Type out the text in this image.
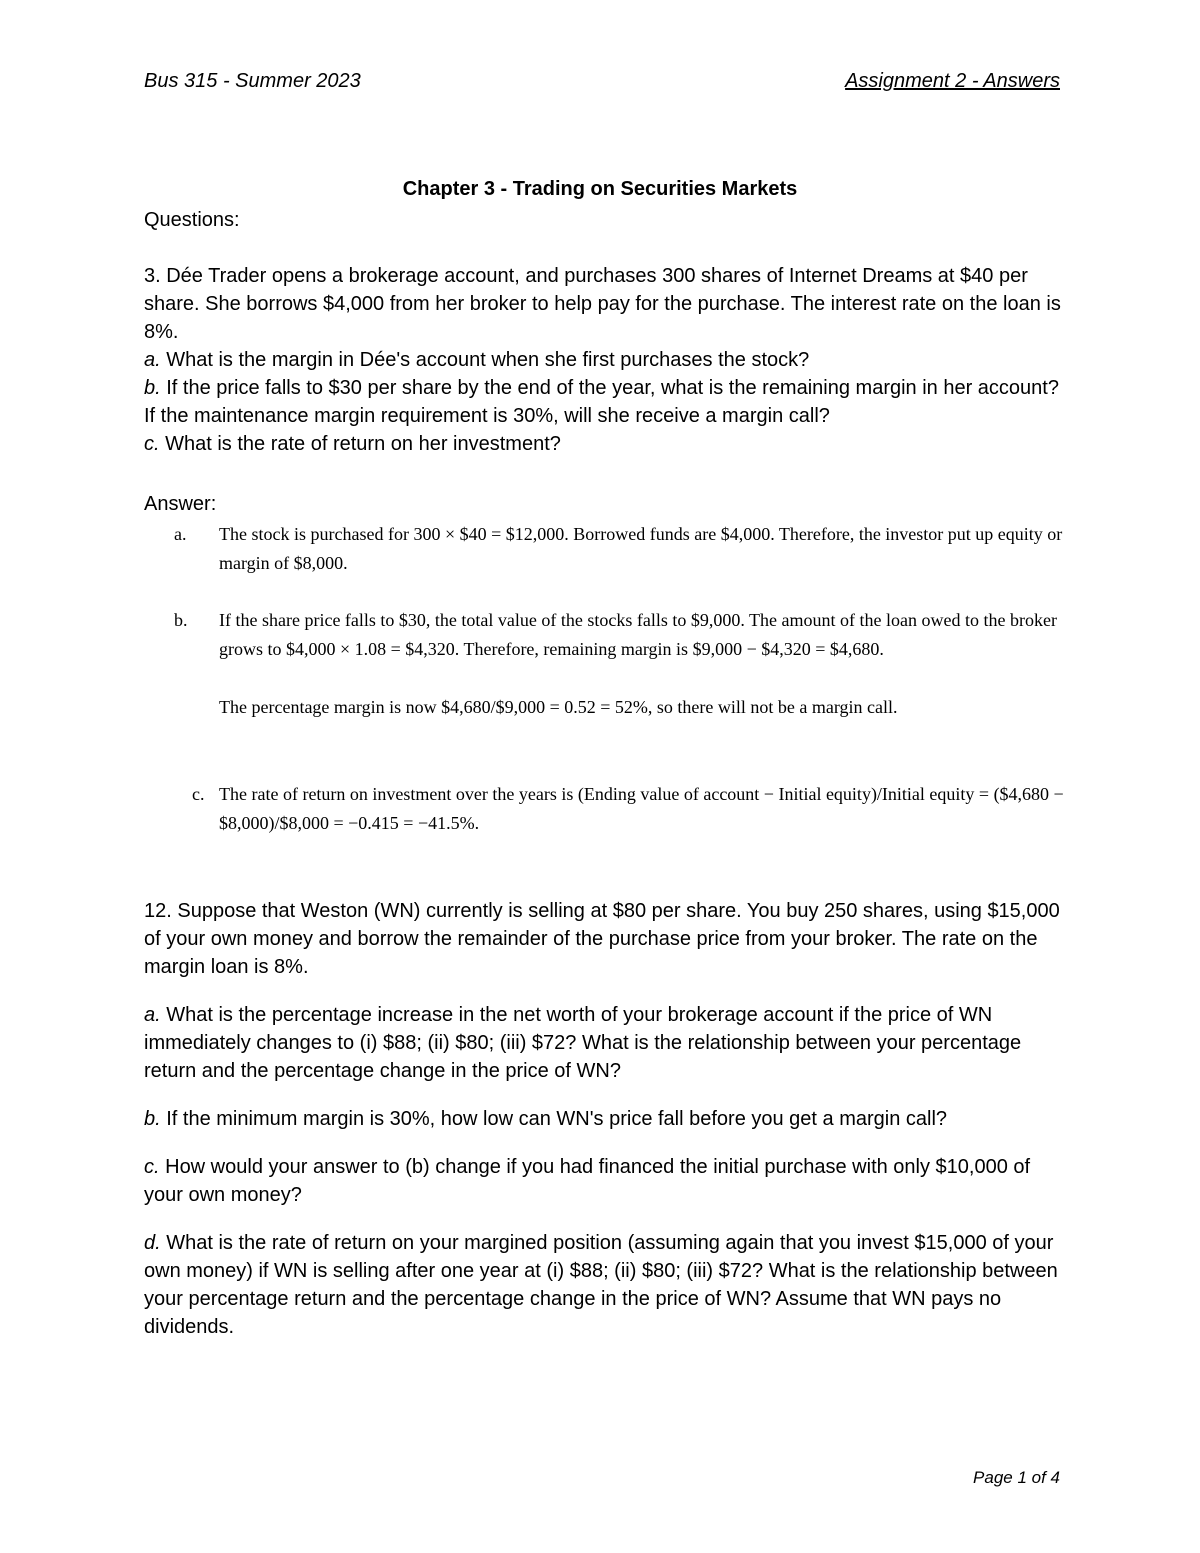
Bus 315 - Summer 2023	Assignment 2 - Answers
Chapter 3 - Trading on Securities Markets
Questions:

3. Dée Trader opens a brokerage account, and purchases 300 shares of Internet Dreams at $40 per share. She borrows $4,000 from her broker to help pay for the purchase. The interest rate on the loan is 8%.

a. What is the margin in Dée's account when she first purchases the stock?

b. If the price falls to $30 per share by the end of the year, what is the remaining margin in her account? If the maintenance margin requirement is 30%, will she receive a margin call?

c. What is the rate of return on her investment?

Answer:
a.	The stock is purchased for 300 × $40 = $12,000. Borrowed funds are $4,000. Therefore, the investor put up equity or margin of $8,000.
b.	If the share price falls to $30, the total value of the stocks falls to $9,000. The amount of the loan owed to the broker grows to $4,000 × 1.08 = $4,320. Therefore, remaining margin is $9,000 − $4,320 = $4,680.
The percentage margin is now $4,680/$9,000 = 0.52 = 52%, so there will not be a margin call.
c. The rate of return on investment over the years is (Ending value of account − Initial equity)/Initial equity = ($4,680 − $8,000)/$8,000 = −0.415 = −41.5%.

12. Suppose that Weston (WN) currently is selling at $80 per share. You buy 250 shares, using $15,000 of your own money and borrow the remainder of the purchase price from your broker. The rate on the margin loan is 8%.

a. What is the percentage increase in the net worth of your brokerage account if the price of WN immediately changes to (i) $88; (ii) $80; (iii) $72? What is the relationship between your percentage return and the percentage change in the price of WN?

b. If the minimum margin is 30%, how low can WN's price fall before you get a margin call?

c. How would your answer to (b) change if you had financed the initial purchase with only $10,000 of your own money?

d. What is the rate of return on your margined position (assuming again that you invest $15,000 of your own money) if WN is selling after one year at (i) $88; (ii) $80; (iii) $72? What is the relationship between your percentage return and the percentage change in the price of WN? Assume that WN pays no dividends.

Page 1 of 4
